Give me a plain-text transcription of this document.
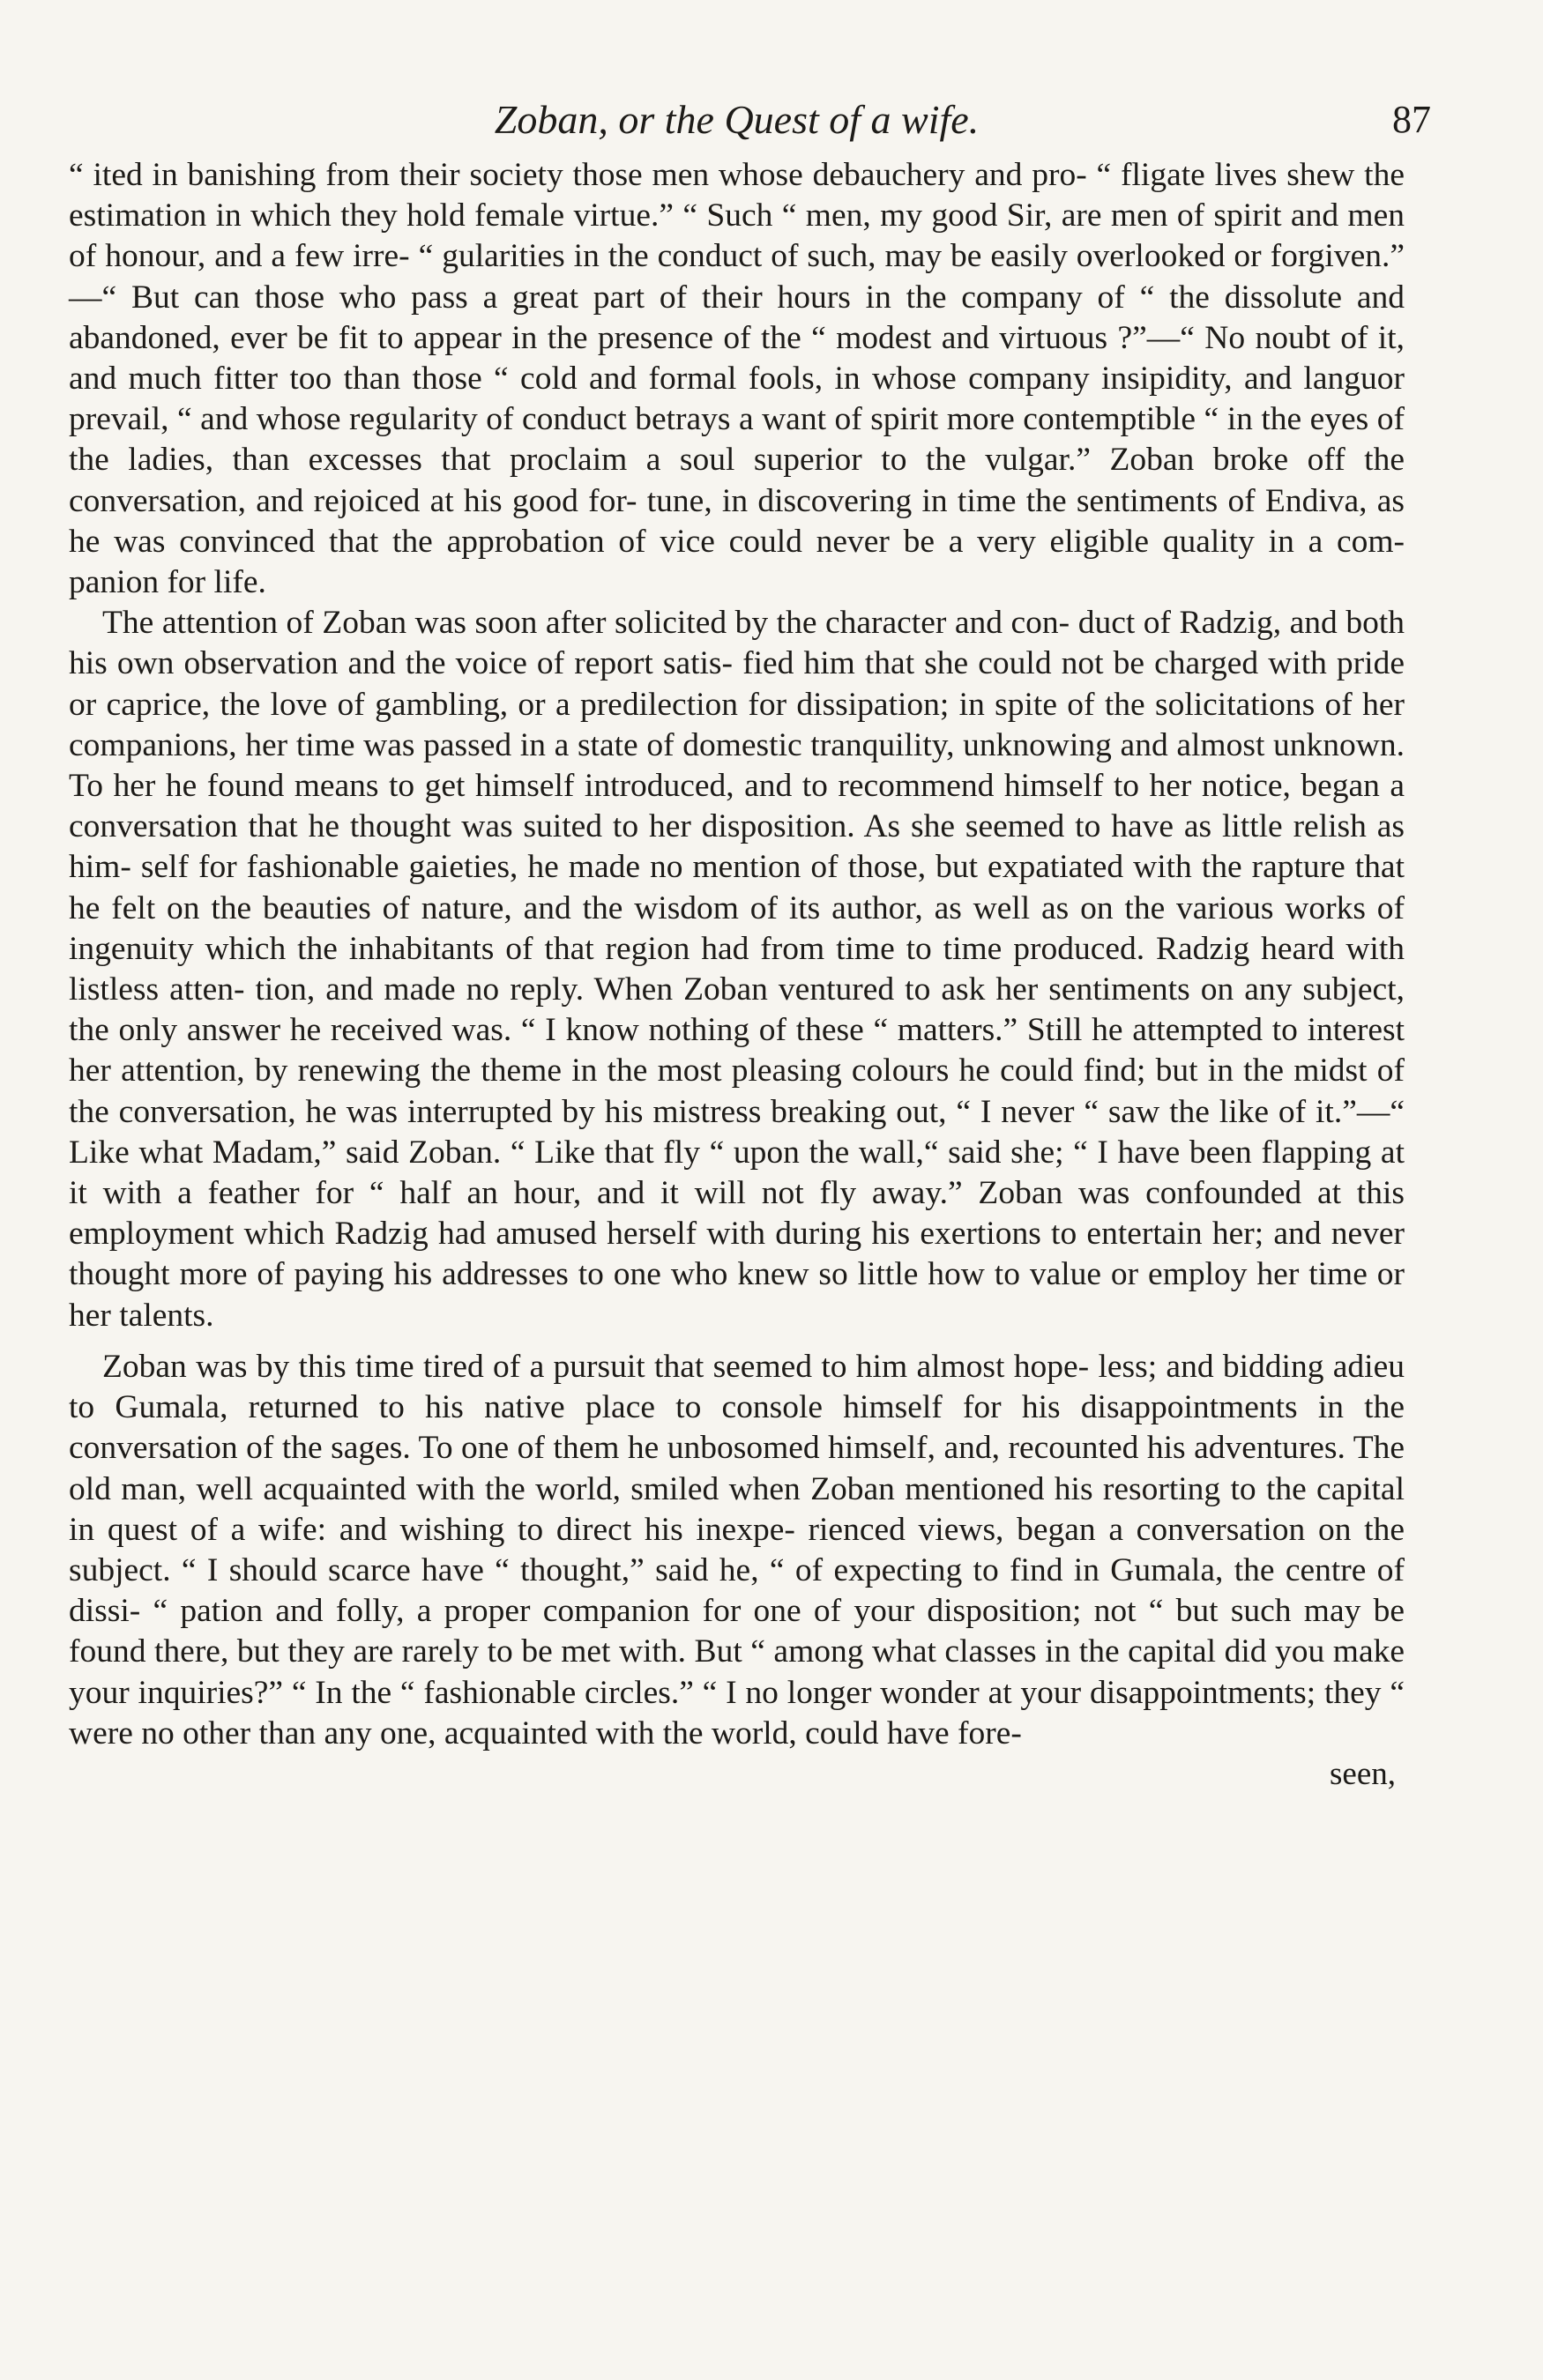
Zoban, or the Quest of a wife.	87

“ ited in banishing from their society those men whose debauchery and pro- “ fligate lives shew the estimation in which they hold female virtue.” “ Such “ men, my good Sir, are men of spirit and men of honour, and a few irre- “ gularities in the conduct of such, may be easily overlooked or forgiven.” —“ But can those who pass a great part of their hours in the company of “ the dissolute and abandoned, ever be fit to appear in the presence of the “ modest and virtuous ?”—“ No noubt of it, and much fitter too than those “ cold and formal fools, in whose company insipidity, and languor prevail, “ and whose regularity of conduct betrays a want of spirit more contemptible “ in the eyes of the ladies, than excesses that proclaim a soul superior to the vulgar.” Zoban broke off the conversation, and rejoiced at his good for- tune, in discovering in time the sentiments of Endiva, as he was convinced that the approbation of vice could never be a very eligible quality in a com- panion for life.

The attention of Zoban was soon after solicited by the character and con- duct of Radzig, and both his own observation and the voice of report satis- fied him that she could not be charged with pride or caprice, the love of gambling, or a predilection for dissipation; in spite of the solicitations of her companions, her time was passed in a state of domestic tranquility, unknowing and almost unknown. To her he found means to get himself introduced, and to recommend himself to her notice, began a conversation that he thought was suited to her disposition. As she seemed to have as little relish as him- self for fashionable gaieties, he made no mention of those, but expatiated with the rapture that he felt on the beauties of nature, and the wisdom of its author, as well as on the various works of ingenuity which the inhabitants of that region had from time to time produced. Radzig heard with listless atten- tion, and made no reply. When Zoban ventured to ask her sentiments on any subject, the only answer he received was. “ I know nothing of these “ matters.” Still he attempted to interest her attention, by renewing the theme in the most pleasing colours he could find; but in the midst of the conversation, he was interrupted by his mistress breaking out, “ I never “ saw the like of it.”—“ Like what Madam,” said Zoban. “ Like that fly “ upon the wall,“ said she; “ I have been flapping at it with a feather for “ half an hour, and it will not fly away.” Zoban was confounded at this employment which Radzig had amused herself with during his exertions to entertain her; and never thought more of paying his addresses to one who knew so little how to value or employ her time or her talents.

Zoban was by this time tired of a pursuit that seemed to him almost hope- less; and bidding adieu to Gumala, returned to his native place to console himself for his disappointments in the conversation of the sages. To one of them he unbosomed himself, and, recounted his adventures. The old man, well acquainted with the world, smiled when Zoban mentioned his resorting to the capital in quest of a wife: and wishing to direct his inexpe- rienced views, began a conversation on the subject. “ I should scarce have “ thought,” said he, “ of expecting to find in Gumala, the centre of dissi- “ pation and folly, a proper companion for one of your disposition; not “ but such may be found there, but they are rarely to be met with. But “ among what classes in the capital did you make your inquiries?” “ In the “ fashionable circles.” “ I no longer wonder at your disappointments; they “ were no other than any one, acquainted with the world, could have fore-

seen,
